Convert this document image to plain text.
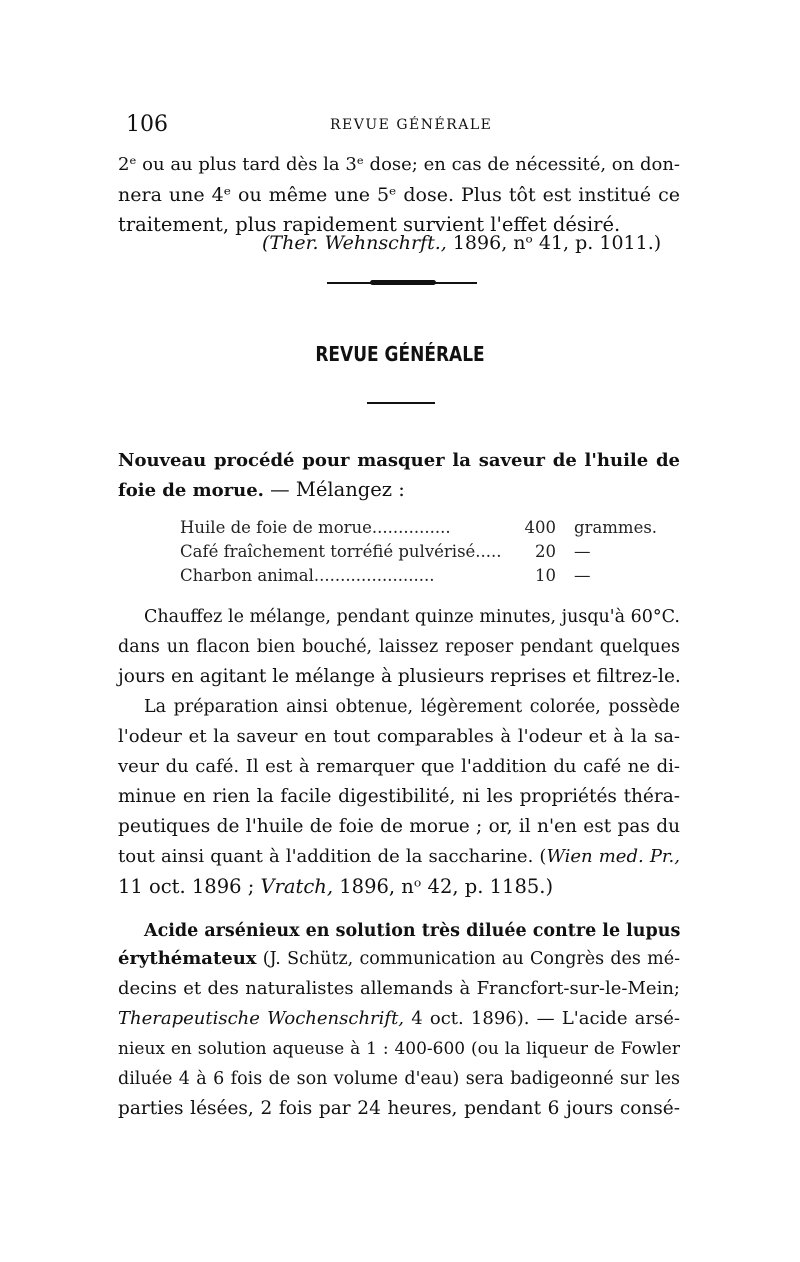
106	REVUE GÉNÉRALE
2ᵉ ou au plus tard dès la 3ᵉ dose; en cas de nécessité, on don-
nera une 4ᵉ ou même une 5ᵉ dose. Plus tôt est institué ce
traitement, plus rapidement survient l'effet désiré.
(Ther. Wehnschrft., 1896, nᵒ 41, p. 1011.)
REVUE GÉNÉRALE
Nouveau procédé pour masquer la saveur de l'huile de
foie de morue. — Mélangez :
Huile de foie de morue...............	400 grammes.
Café fraîchement torréfié pulvérisé.....	20 —
Charbon animal.......................	10 —
Chauffez le mélange, pendant quinze minutes, jusqu'à 60°C.
dans un flacon bien bouché, laissez reposer pendant quelques
jours en agitant le mélange à plusieurs reprises et filtrez-le.
La préparation ainsi obtenue, légèrement colorée, possède
l'odeur et la saveur en tout comparables à l'odeur et à la sa-
veur du café. Il est à remarquer que l'addition du café ne di-
minue en rien la facile digestibilité, ni les propriétés théra-
peutiques de l'huile de foie de morue ; or, il n'en est pas du
tout ainsi quant à l'addition de la saccharine. (Wien med. Pr.,
11 oct. 1896 ; Vratch, 1896, nᵒ 42, p. 1185.)
Acide arsénieux en solution très diluée contre le lupus
érythémateux (J. Schütz, communication au Congrès des mé-
decins et des naturalistes allemands à Francfort-sur-le-Mein;
Therapeutische Wochenschrift, 4 oct. 1896). — L'acide arsé-
nieux en solution aqueuse à 1 : 400-600 (ou la liqueur de Fowler
diluée 4 à 6 fois de son volume d'eau) sera badigeonné sur les
parties lésées, 2 fois par 24 heures, pendant 6 jours consé-
